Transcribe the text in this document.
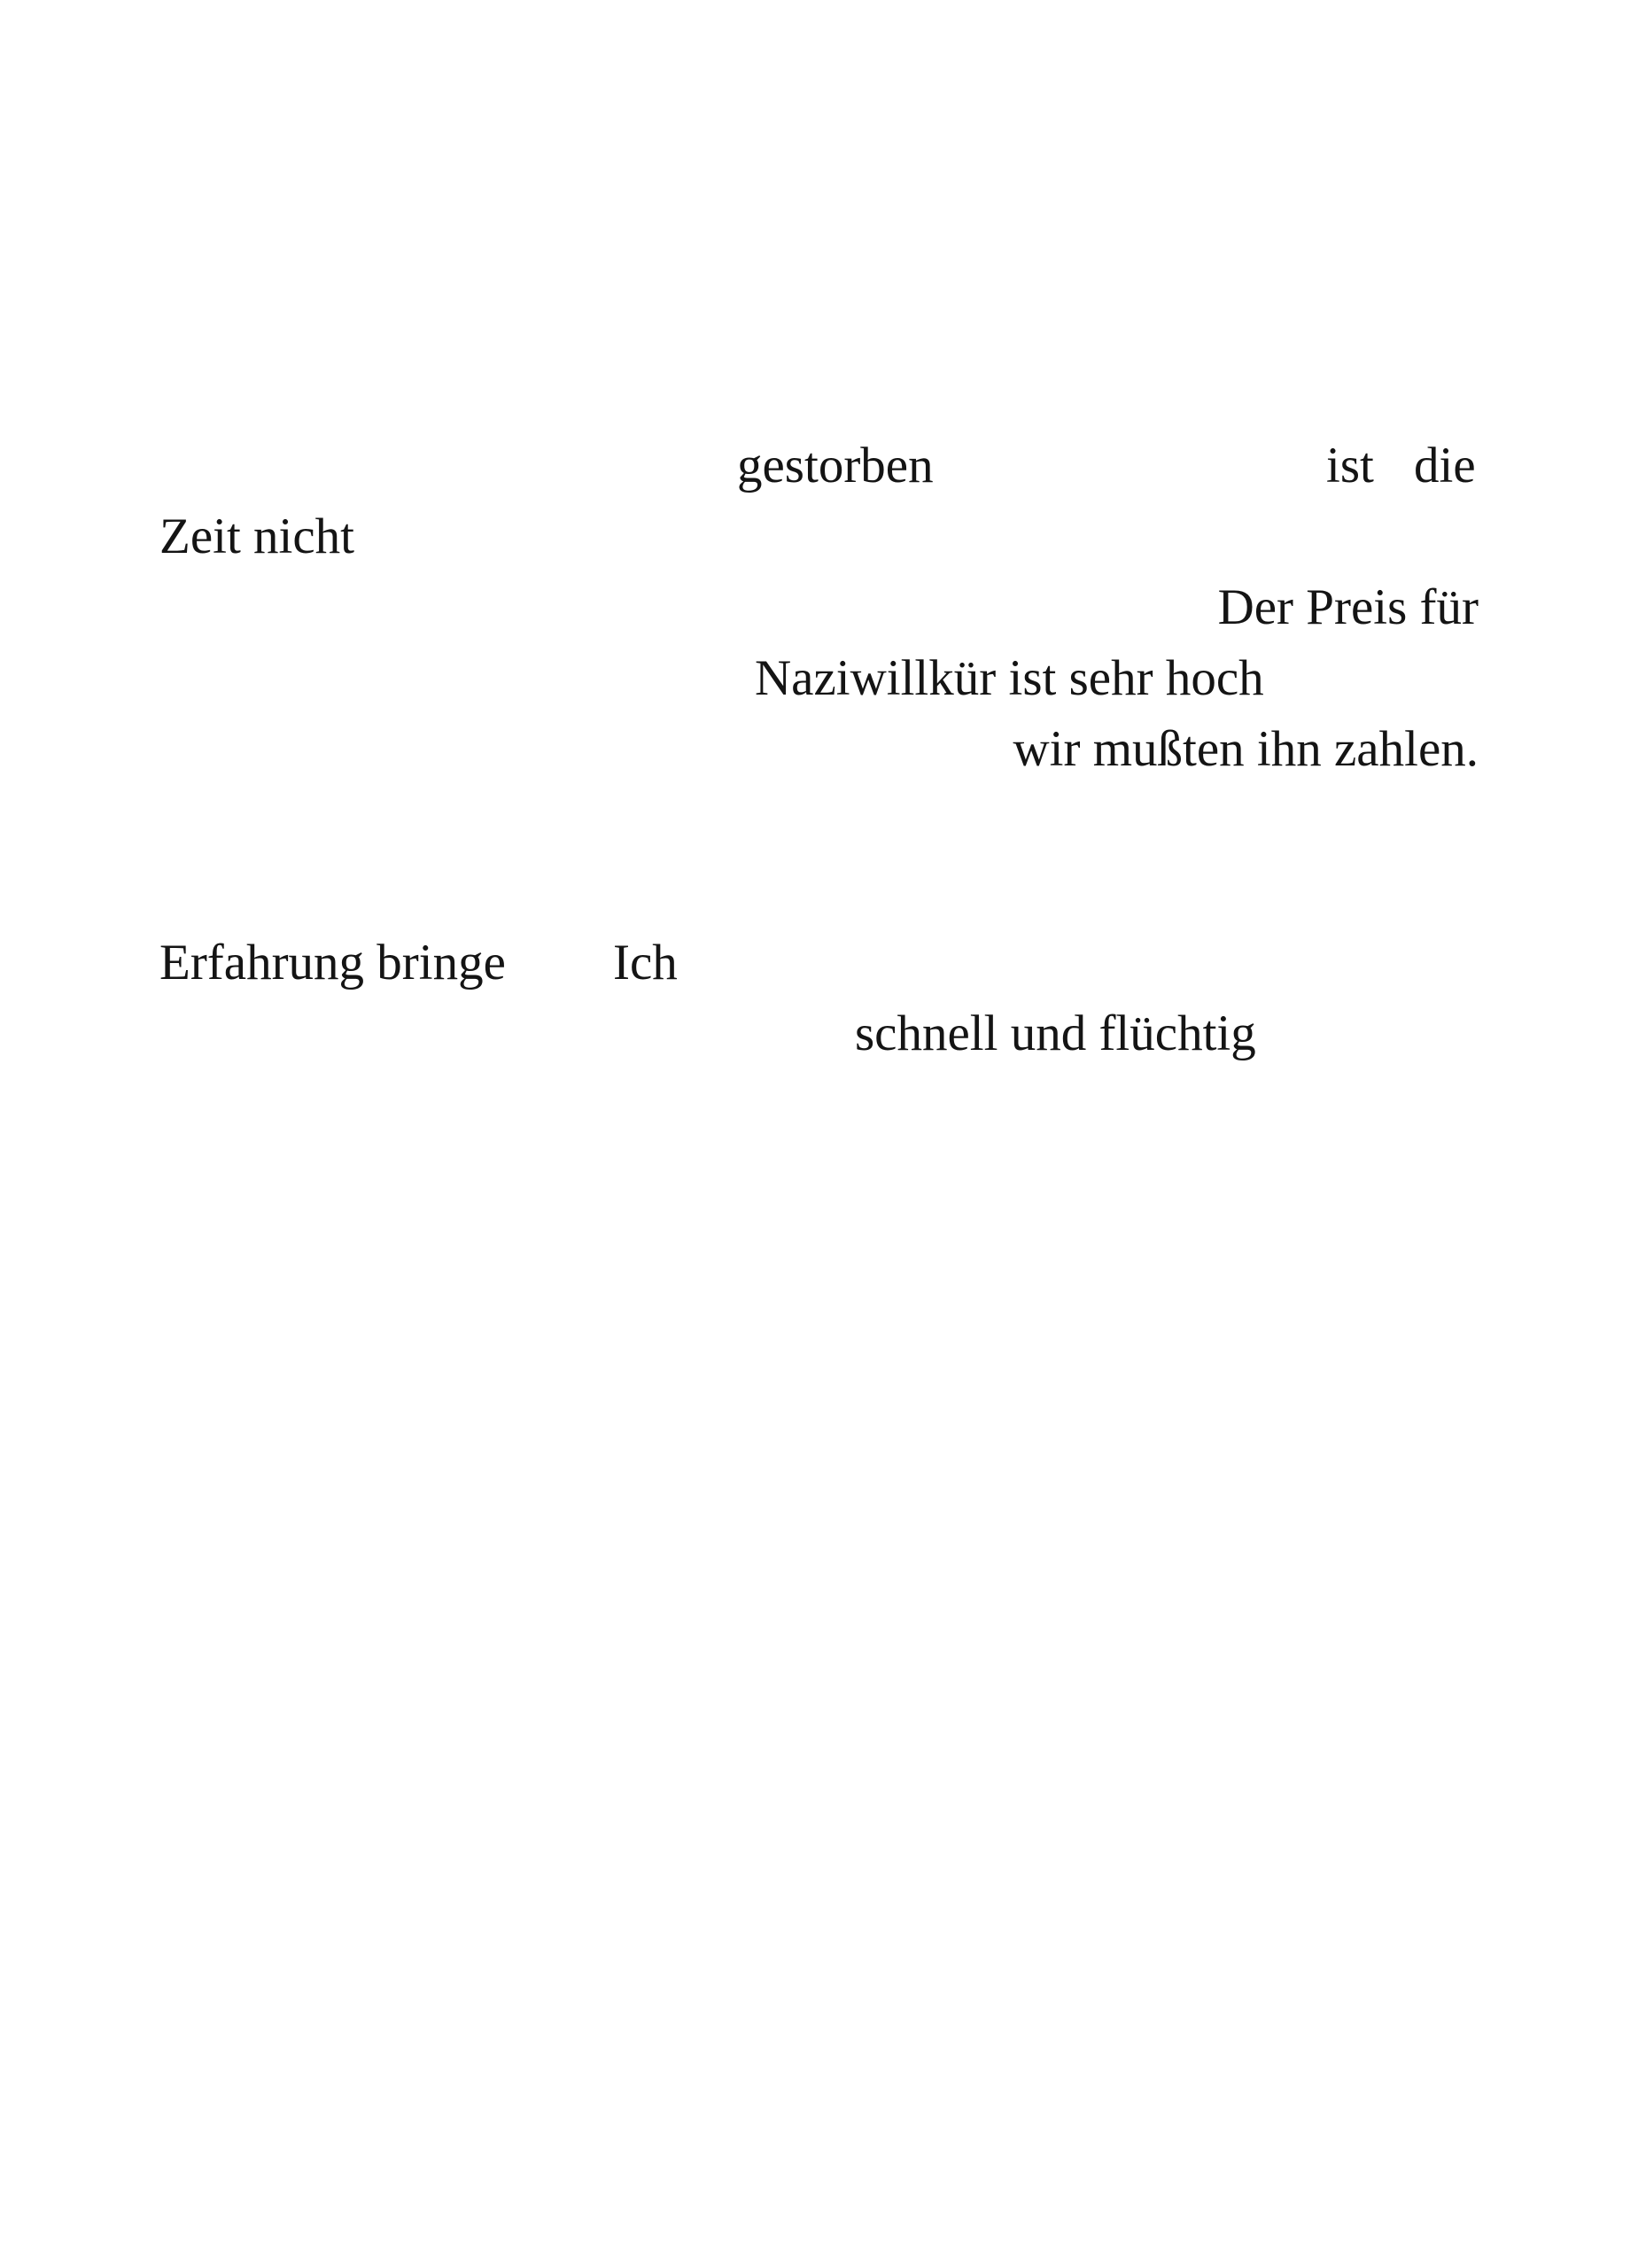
gestorben	ist die
Zeit nicht
Der Preis für
Naziwillkür ist sehr hoch
wir mußten ihn zahlen.
Erfahrung bringe Ich
schnell und flüchtig
